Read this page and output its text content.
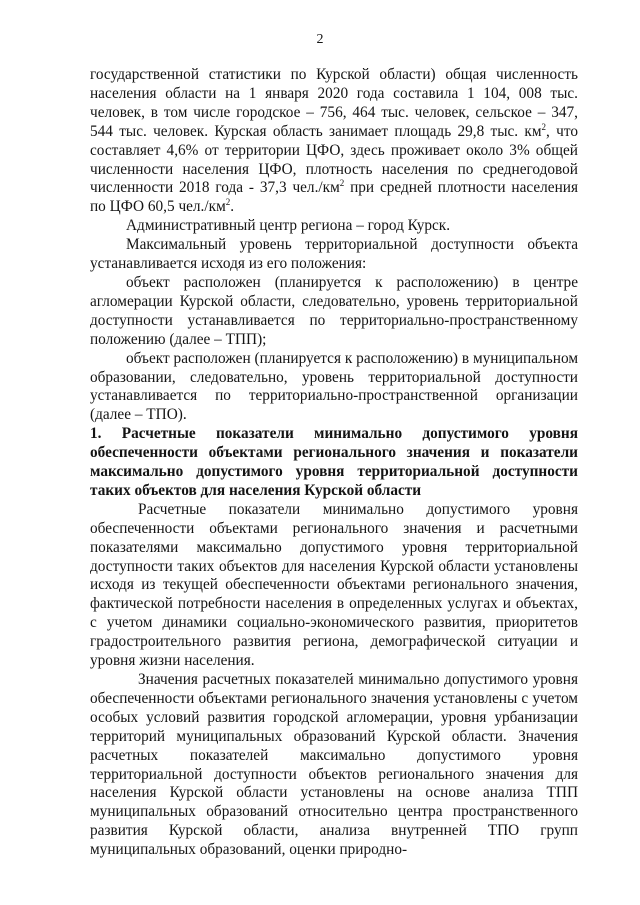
2

государственной статистики по Курской области) общая численность населения области на 1 января 2020 года составила 1 104, 008 тыс. человек, в том числе городское – 756, 464 тыс. человек, сельское – 347, 544 тыс. человек. Курская область занимает площадь 29,8 тыс. $км^2$, что составляет 4,6% от территории ЦФО, здесь проживает около 3% общей численности населения ЦФО, плотность населения по среднегодовой численности 2018 года - 37,3 $чел./км^2$ при средней плотности населения по ЦФО 60,5 $чел./км^2$.

Административный центр региона – город Курск.

Максимальный уровень территориальной доступности объекта устанавливается исходя из его положения:

объект расположен (планируется к расположению) в центре агломерации Курской области, следовательно, уровень территориальной доступности устанавливается по территориально-пространственному положению (далее – ТПП);

объект расположен (планируется к расположению) в муниципальном образовании, следовательно, уровень территориальной доступности устанавливается по территориально-пространственной организации (далее – ТПО).

1. Расчетные показатели минимально допустимого уровня обеспеченности объектами регионального значения и показатели максимально допустимого уровня территориальной доступности таких объектов для населения Курской области

Расчетные показатели минимально допустимого уровня обеспеченности объектами регионального значения и расчетными показателями максимально допустимого уровня территориальной доступности таких объектов для населения Курской области установлены исходя из текущей обеспеченности объектами регионального значения, фактической потребности населения в определенных услугах и объектах, с учетом динамики социально-экономического развития, приоритетов градостроительного развития региона, демографической ситуации и уровня жизни населения.

Значения расчетных показателей минимально допустимого уровня обеспеченности объектами регионального значения установлены с учетом особых условий развития городской агломерации, уровня урбанизации территорий муниципальных образований Курской области. Значения расчетных показателей максимально допустимого уровня территориальной доступности объектов регионального значения для населения Курской области установлены на основе анализа ТПП муниципальных образований относительно центра пространственного развития Курской области, анализа внутренней ТПО групп муниципальных образований, оценки природно-
